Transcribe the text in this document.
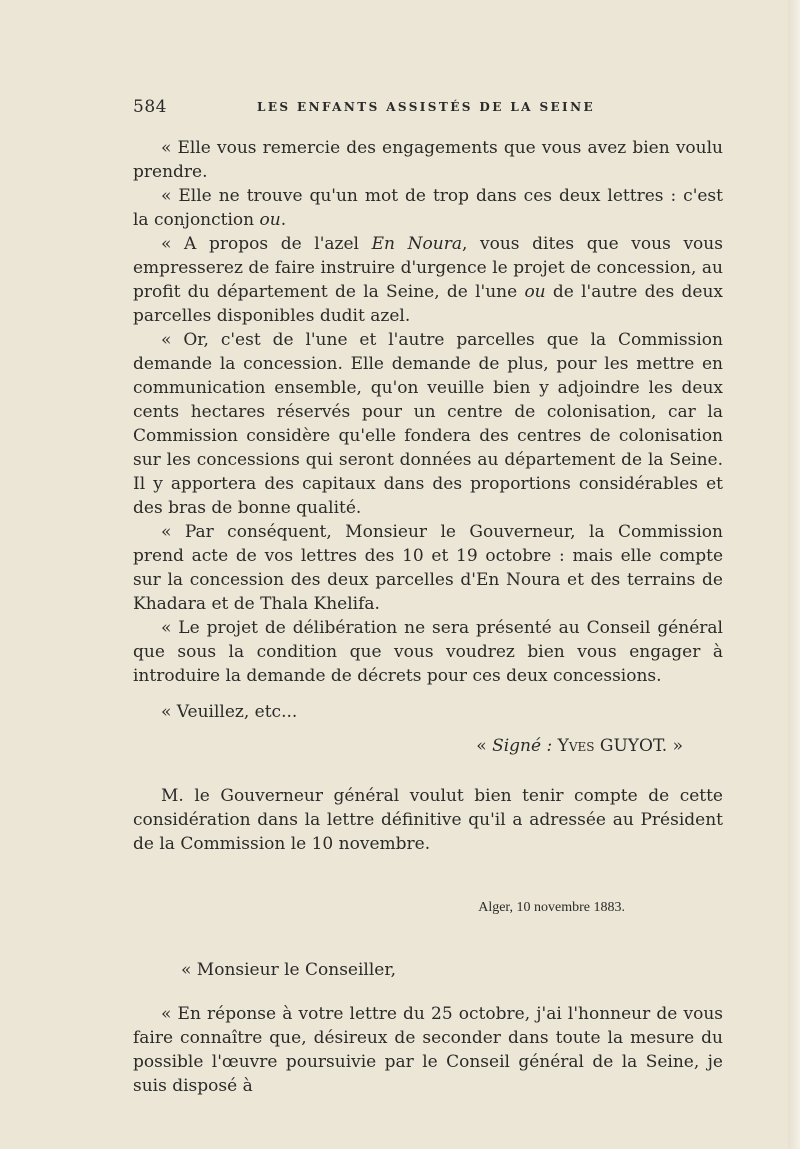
584	LES ENFANTS ASSISTÉS DE LA SEINE

« Elle vous remercie des engagements que vous avez bien voulu prendre.

« Elle ne trouve qu'un mot de trop dans ces deux lettres : c'est la conjonction ou.

« A propos de l'azel En Noura, vous dites que vous vous empresserez de faire instruire d'urgence le projet de concession, au profit du département de la Seine, de l'une ou de l'autre des deux parcelles disponibles dudit azel.

« Or, c'est de l'une et l'autre parcelles que la Commission demande la concession. Elle demande de plus, pour les mettre en communication ensemble, qu'on veuille bien y adjoindre les deux cents hectares réservés pour un centre de colonisation, car la Commission considère qu'elle fondera des centres de colonisation sur les concessions qui seront données au département de la Seine. Il y apportera des capitaux dans des proportions considérables et des bras de bonne qualité.

« Par conséquent, Monsieur le Gouverneur, la Commission prend acte de vos lettres des 10 et 19 octobre : mais elle compte sur la concession des deux parcelles d'En Noura et des terrains de Khadara et de Thala Khelifa.

« Le projet de délibération ne sera présenté au Conseil général que sous la condition que vous voudrez bien vous engager à introduire la demande de décrets pour ces deux concessions.

« Veuillez, etc...

« Signé : Yves GUYOT. »

M. le Gouverneur général voulut bien tenir compte de cette considération dans la lettre définitive qu'il a adressée au Président de la Commission le 10 novembre.

Alger, 10 novembre 1883.

« Monsieur le Conseiller,

« En réponse à votre lettre du 25 octobre, j'ai l'honneur de vous faire connaître que, désireux de seconder dans toute la mesure du possible l'œuvre poursuivie par le Conseil général de la Seine, je suis disposé à
